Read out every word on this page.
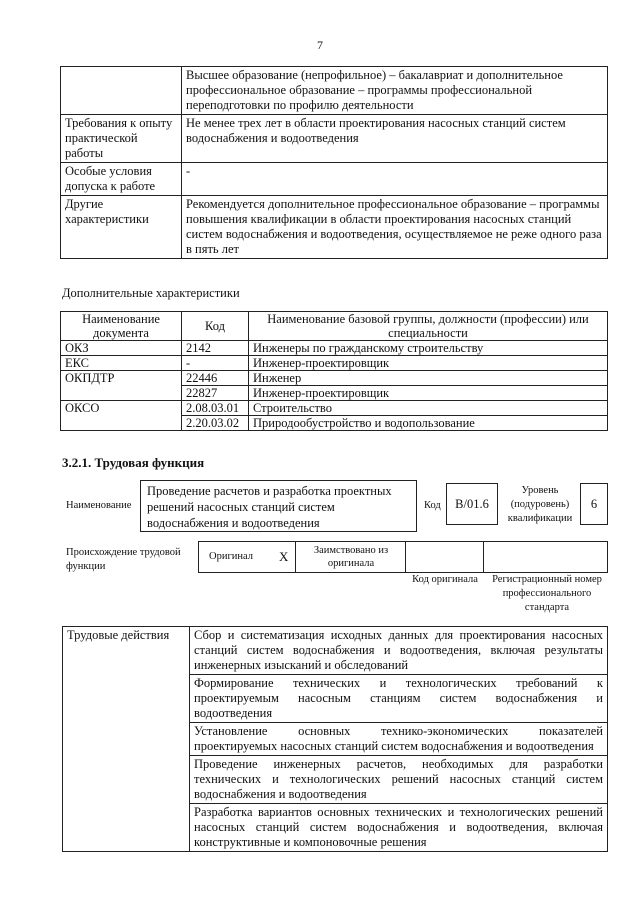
7
	Высшее образование (непрофильное) – бакалавриат и дополнительное профессиональное образование – программы профессиональной переподготовки по профилю деятельности
Требования к опыту практической работы	Не менее трех лет в области проектирования насосных станций систем водоснабжения и водоотведения
Особые условия допуска к работе	-
Другие характеристики	Рекомендуется дополнительное профессиональное образование – программы повышения квалификации в области проектирования насосных станций систем водоснабжения и водоотведения, осуществляемое не реже одного раза в пять лет
Дополнительные характеристики
Наименование документа	Код	Наименование базовой группы, должности (профессии) или специальности
ОКЗ	2142	Инженеры по гражданскому строительству
ЕКС	-	Инженер-проектировщик
ОКПДТР	22446	Инженер
	22827	Инженер-проектировщик
ОКСО	2.08.03.01	Строительство
	2.20.03.02	Природообустройство и водопользование
3.2.1. Трудовая функция
Наименование
Проведение расчетов и разработка проектных решений насосных станций систем водоснабжения и водоотведения
Код	B/01.6
Уровень (подуровень) квалификации
6
Происхождение трудовой функции
Оригинал X	Заимствовано из оригинала
Код оригинала	Регистрационный номер профессионального стандарта
Трудовые действия	Сбор и систематизация исходных данных для проектирования насосных станций систем водоснабжения и водоотведения, включая результаты инженерных изысканий и обследований
Формирование технических и технологических требований к проектируемым насосным станциям систем водоснабжения и водоотведения
Установление основных технико-экономических показателей проектируемых насосных станций систем водоснабжения и водоотведения
Проведение инженерных расчетов, необходимых для разработки технических и технологических решений насосных станций систем водоснабжения и водоотведения
Разработка вариантов основных технических и технологических решений насосных станций систем водоснабжения и водоотведения, включая конструктивные и компоновочные решения
